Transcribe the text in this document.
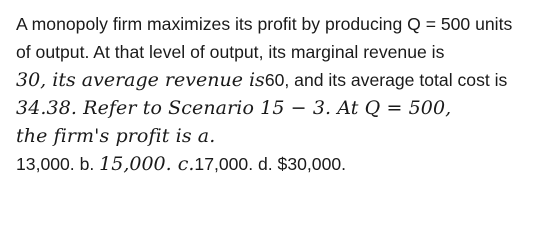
A monopoly firm maximizes its profit by producing Q = 500 units
of output. At that level of output, its marginal revenue is
30, its average revenue is60, and its average total cost is
34.38. Refer to Scenario 15 − 3. At Q = 500,
the firm's profit is a.
13,000. b. 15,000. c.17,000. d. $30,000.
